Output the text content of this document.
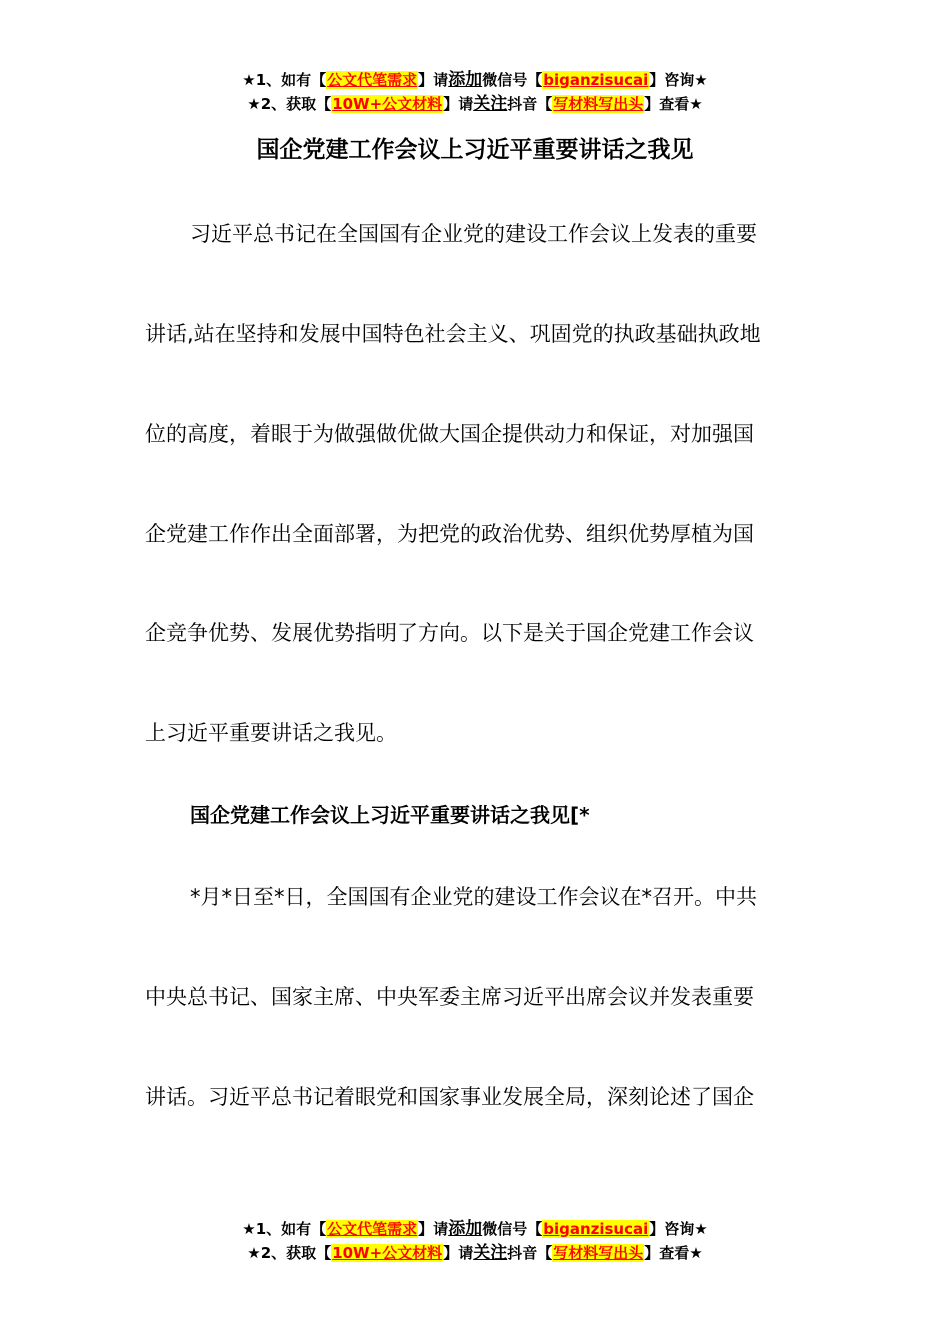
★1、如有【公文代笔需求】请添加微信号【biganzisucai】咨询★
★2、获取【10W+公文材料】请关注抖音【写材料写出头】查看★
国企党建工作会议上习近平重要讲话之我见
习近平总书记在全国国有企业党的建设工作会议上发表的重要
讲话,站在坚持和发展中国特色社会主义、巩固党的执政基础执政地
位的高度，着眼于为做强做优做大国企提供动力和保证，对加强国
企党建工作作出全面部署，为把党的政治优势、组织优势厚植为国
企竞争优势、发展优势指明了方向。以下是关于国企党建工作会议
上习近平重要讲话之我见。
国企党建工作会议上习近平重要讲话之我见[*
*月*日至*日，全国国有企业党的建设工作会议在*召开。中共
中央总书记、国家主席、中央军委主席习近平出席会议并发表重要
讲话。习近平总书记着眼党和国家事业发展全局，深刻论述了国企
★1、如有【公文代笔需求】请添加微信号【biganzisucai】咨询★
★2、获取【10W+公文材料】请关注抖音【写材料写出头】查看★
